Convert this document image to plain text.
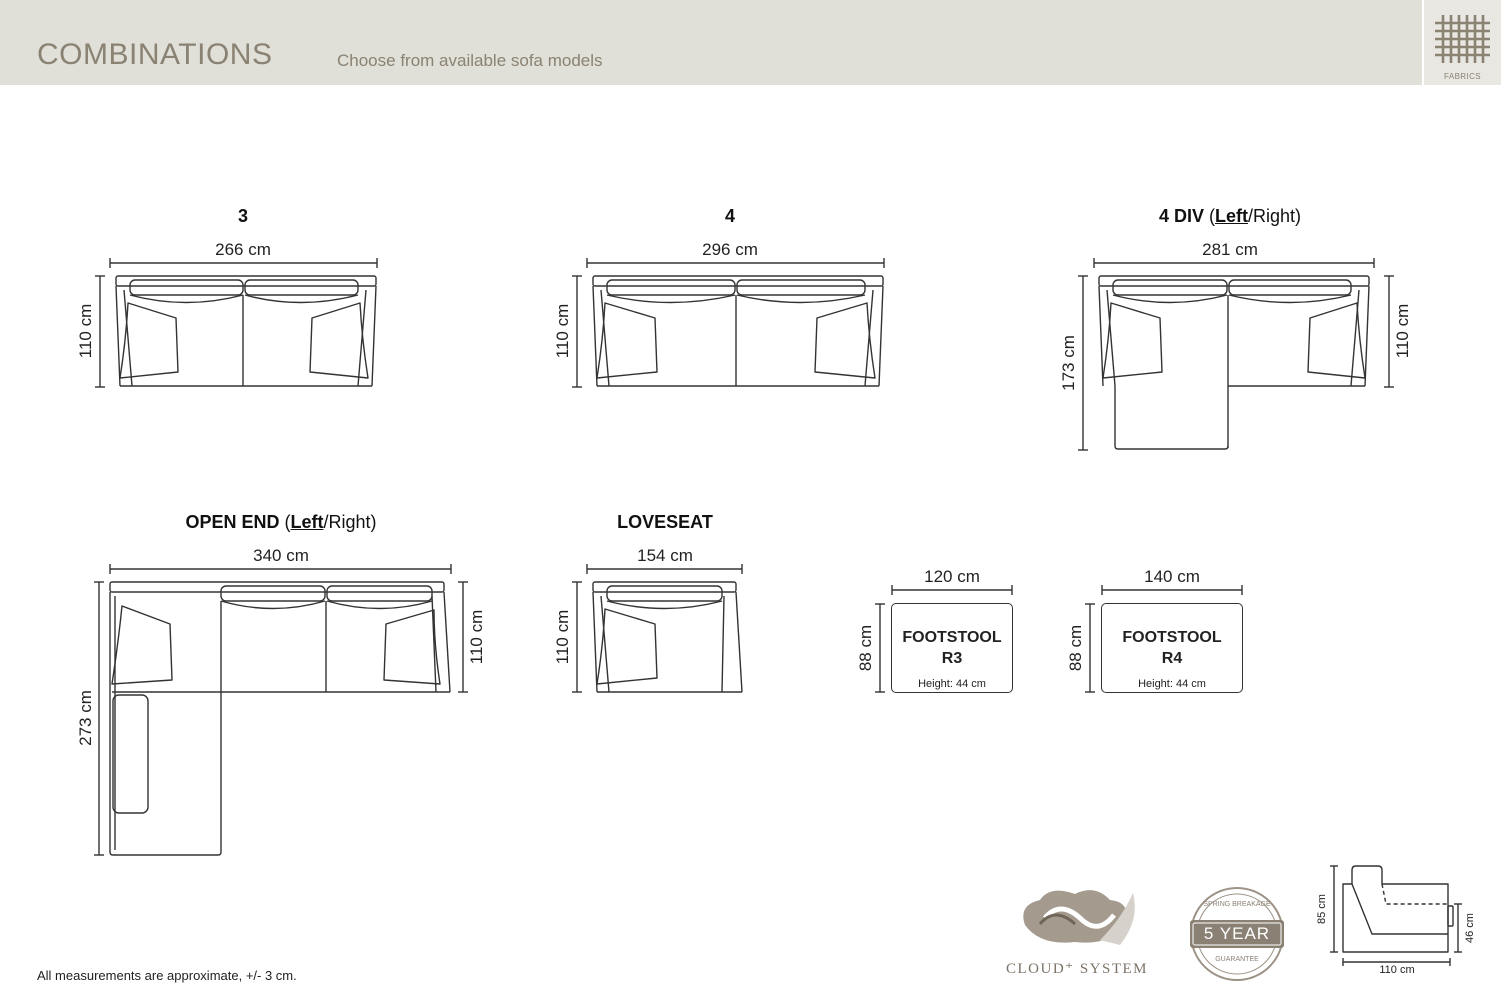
COMBINATIONS	Choose from available sofa models
FABRICS
3	4	4 DIV (Left/Right)
OPEN END (Left/Right)	LOVESEAT
266 cm	296 cm	281 cm
340 cm	154 cm
120 cm	140 cm
110 cm	110 cm
173 cm
110 cm
273 cm
110 cm	110 cm	88 cm	88 cm
FOOTSTOOL
R3
Height: 44 cm
FOOTSTOOL
R4
Height: 44 cm
85 cm
46 cm
110 cm
CLOUD⁺ SYSTEM
5 YEAR
SPRING BREAKAGE
GUARANTEE
All measurements are approximate, +/- 3 cm.
